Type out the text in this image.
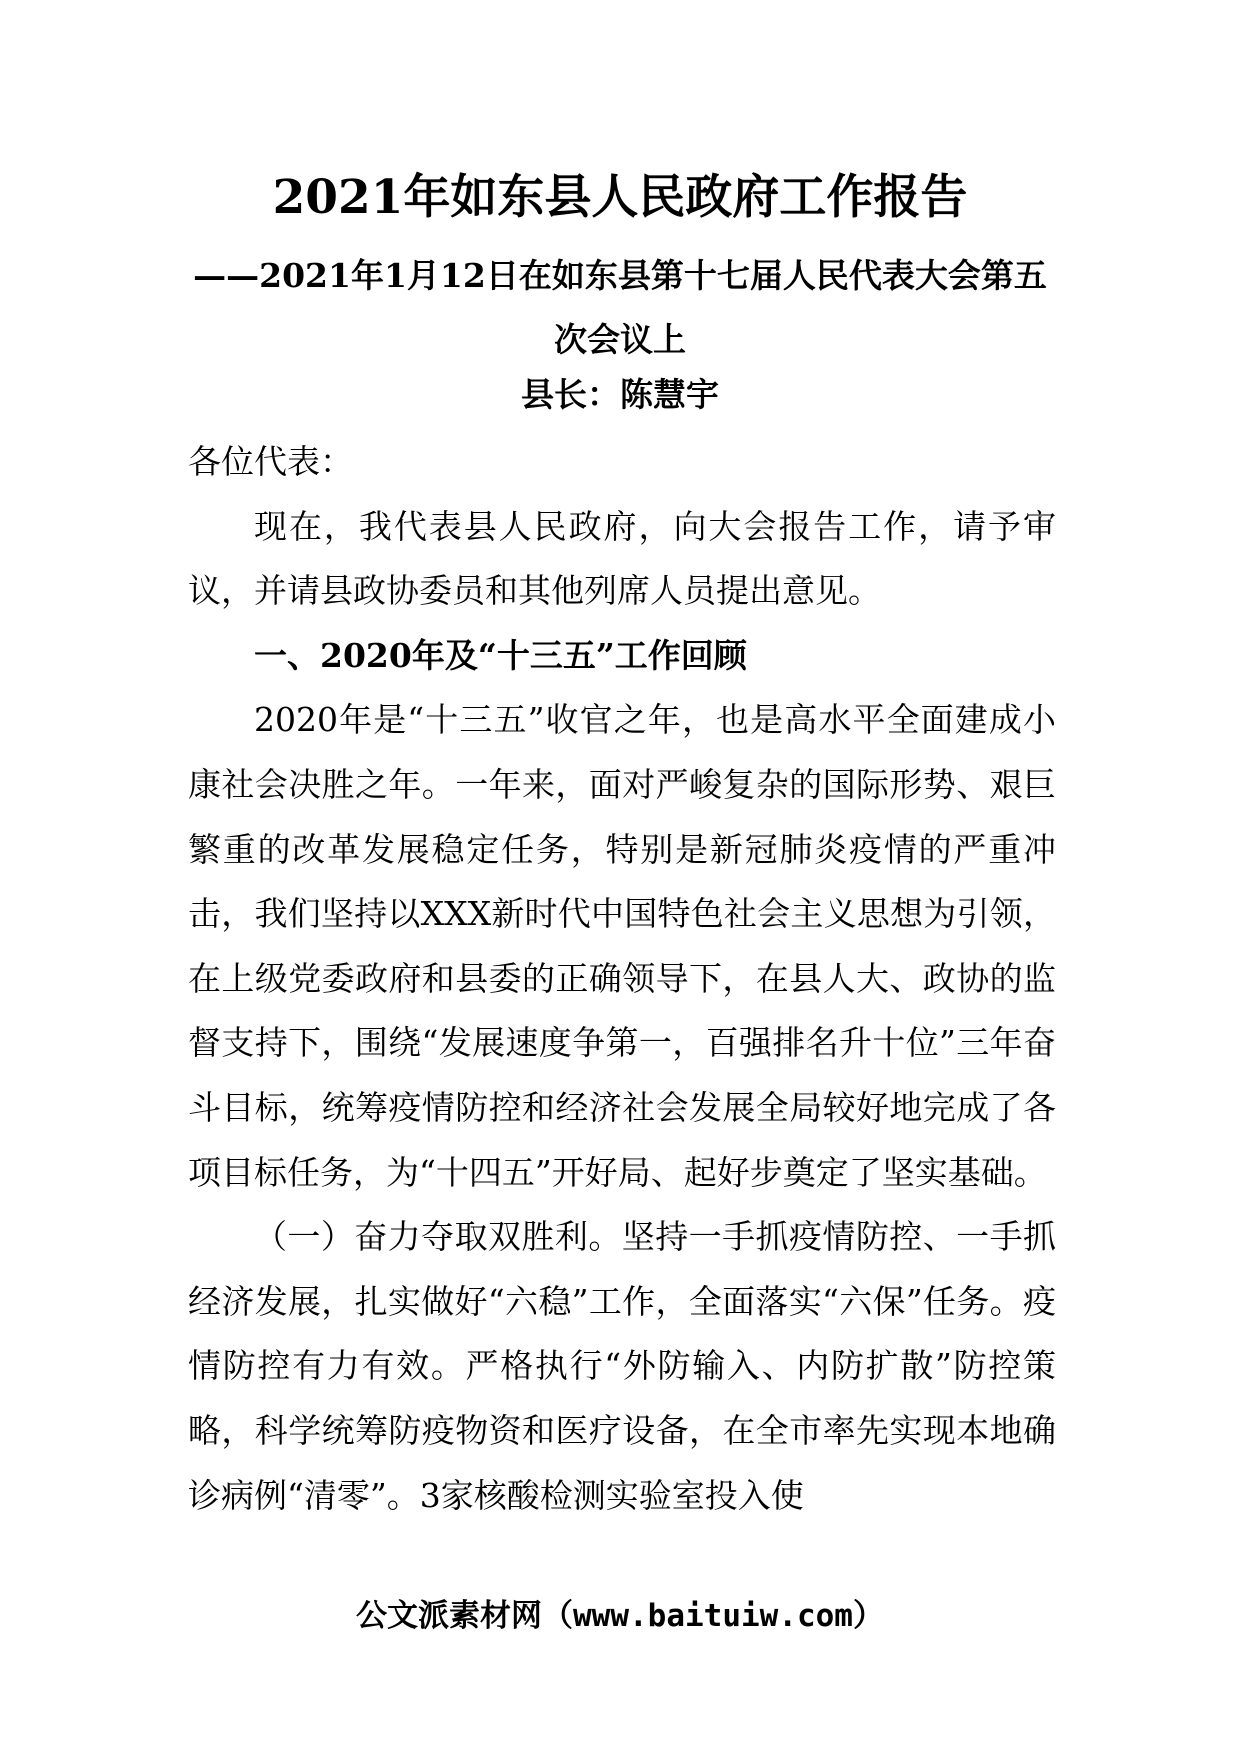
2021年如东县人民政府工作报告
——2021年1月12日在如东县第十七届人民代表大会第五
次会议上
县长：陈慧宇

各位代表：

现在，我代表县人民政府，向大会报告工作，请予审议，并请县政协委员和其他列席人员提出意见。

一、2020年及“十三五”工作回顾

2020年是“十三五”收官之年，也是高水平全面建成小康社会决胜之年。一年来，面对严峻复杂的国际形势、艰巨繁重的改革发展稳定任务，特别是新冠肺炎疫情的严重冲击，我们坚持以XXX新时代中国特色社会主义思想为引领，在上级党委政府和县委的正确领导下，在县人大、政协的监督支持下，围绕“发展速度争第一，百强排名升十位”三年奋斗目标，统筹疫情防控和经济社会发展全局较好地完成了各项目标任务，为“十四五”开好局、起好步奠定了坚实基础。

（一）奋力夺取双胜利。坚持一手抓疫情防控、一手抓经济发展，扎实做好“六稳”工作，全面落实“六保”任务。疫情防控有力有效。严格执行“外防输入、内防扩散”防控策略，科学统筹防疫物资和医疗设备，在全市率先实现本地确诊病例“清零”。3家核酸检测实验室投入使

公文派素材网（www.baituiw.com）
